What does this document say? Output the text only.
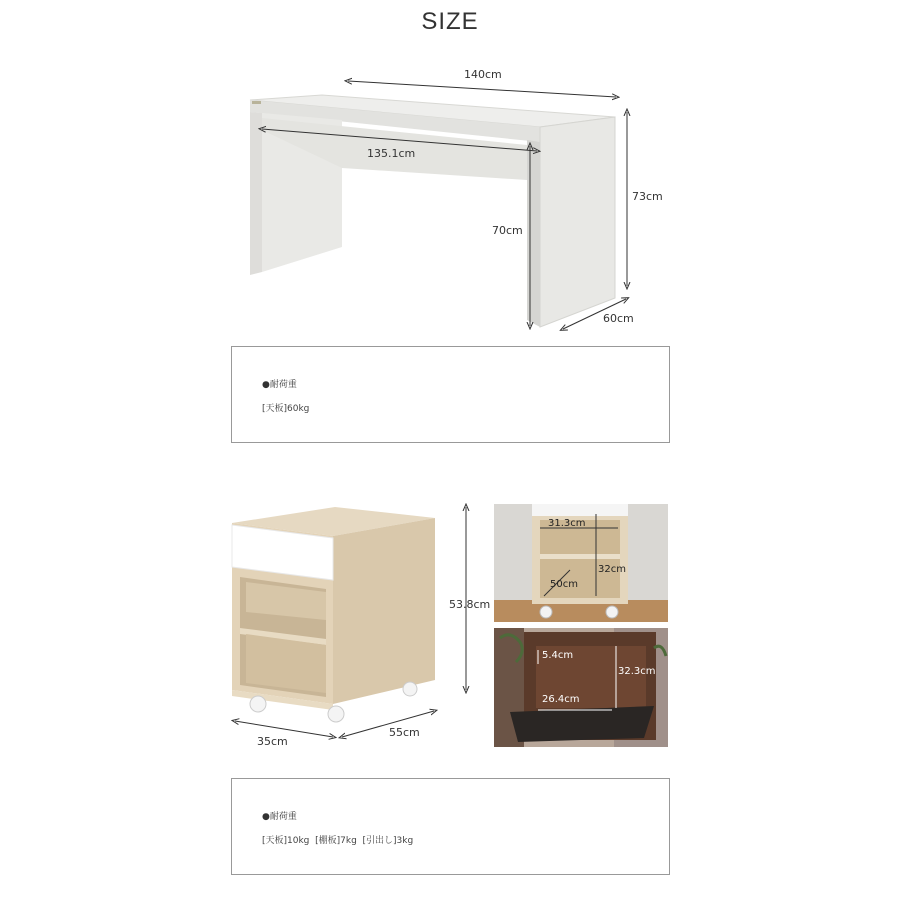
SIZE
140cm
135.1cm
73cm
70cm
60cm
●耐荷重
[天板]60kg
53.8cm
35cm
55cm
31.3cm
32cm
50cm
5.4cm
32.3cm
26.4cm
●耐荷重
[天板]10kg  [棚板]7kg  [引出し]3kg
